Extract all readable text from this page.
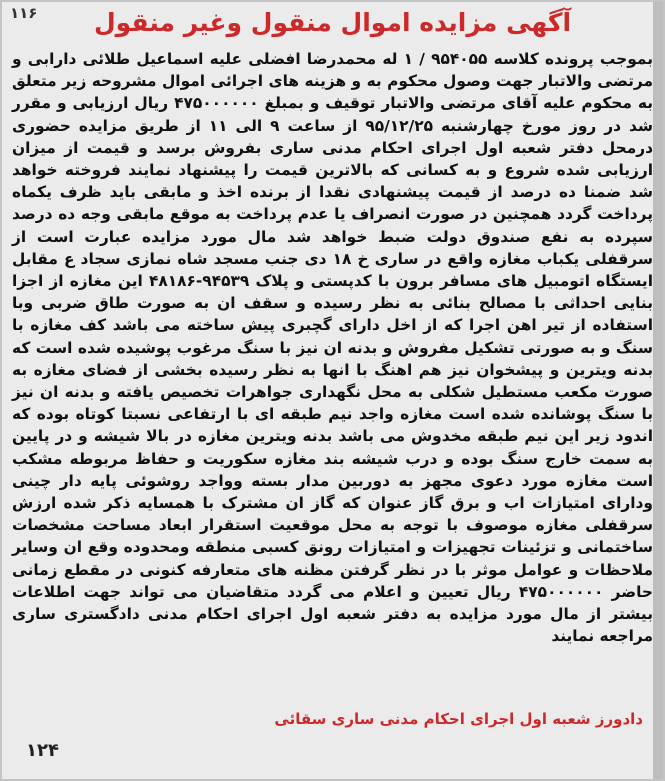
۱۱۶	آگهی مزایده اموال منقول وغیر منقول
بموجب پرونده کلاسه ۹۵۴۰۵۵ / ۱ له محمدرضا افضلی علیه اسماعیل طلائی دارابی و مرتضی والاتبار جهت وصول محکوم به و هزینه های اجرائی اموال مشروحه زیر متعلق به محکوم علیه آقای مرتضی والاتبار توقیف و بمبلغ ۴۷۵۰۰۰۰۰۰ ریال ارزیابی و مقرر شد در روز مورخ چهارشنبه ۹۵/۱۲/۲۵ از ساعت ۹ الی ۱۱ از طریق مزایده حضوری درمحل دفتر شعبه اول اجرای احکام مدنی ساری بفروش برسد و قیمت از میزان ارزیابی شده شروع و به کسانی که بالاترین قیمت را پیشنهاد نمایند فروخته خواهد شد ضمنا ده درصد از قیمت پیشنهادی نقدا از برنده اخذ و مابقی باید ظرف یکماه پرداخت گردد همچنین در صورت انصراف یا عدم پرداخت به موقع مابقی وجه ده درصد سپرده به نفع صندوق دولت ضبط خواهد شد مال مورد مزایده عبارت است از سرقفلی یکباب مغازه واقع در ساری خ ۱۸ دی جنب مسجد شاه نمازی سجاد ع مقابل ایستگاه اتومبیل های مسافر برون با کدپستی و پلاک ۹۴۵۳۹-۴۸۱۸۶ این مغازه از اجزا بنایی احداثی با مصالح بنائی به نظر رسیده و سقف ان به صورت طاق ضربی وبا استفاده از تیر اهن اجرا که از اخل دارای گچبری پیش ساخته می باشد کف مغازه با سنگ و به صورتی تشکیل مفروش و بدنه ان نیز با سنگ مرغوب پوشیده شده است که بدنه ویترین و پیشخوان نیز هم اهنگ با انها به نظر رسیده بخشی از فضای مغازه به صورت مکعب مستطیل شکلی به محل نگهداری جواهرات تخصیص یافته و بدنه ان نیز با سنگ پوشانده شده است مغازه واجد نیم طبقه ای با ارتفاعی نسبتا کوتاه بوده که اندود زیر این نیم طبقه مخدوش می باشد بدنه ویترین مغازه در بالا شیشه و در پایین به سمت خارج سنگ بوده و درب شیشه بند مغازه سکوریت و حفاظ مربوطه مشکب است مغازه مورد دعوی مجهز به دوربین مدار بسته وواجد روشوئی پایه دار چینی ودارای امتیازات اب و برق گاز عنوان که گاز ان مشترک با همسایه ذکر شده ارزش سرقفلی مغازه موصوف با توجه به محل موقعیت استقرار ابعاد مساحت مشخصات ساختمانی و تزئینات تجهیزات و امتیازات رونق کسبی منطقه ومحدوده وقع ان وسایر ملاحظات و عوامل موثر با در نظر گرفتن مظنه های متعارفه کنونی در مقطع زمانی حاضر ۴۷۵۰۰۰۰۰۰ ریال تعیین و اعلام می گردد متقاضیان می تواند جهت اطلاعات بیشتر از مال مورد مزایده به دفتر شعبه اول اجرای احکام مدنی دادگستری ساری مراجعه نمایند
دادورز شعبه اول اجرای احکام مدنی ساری سقائی
۱۲۴
